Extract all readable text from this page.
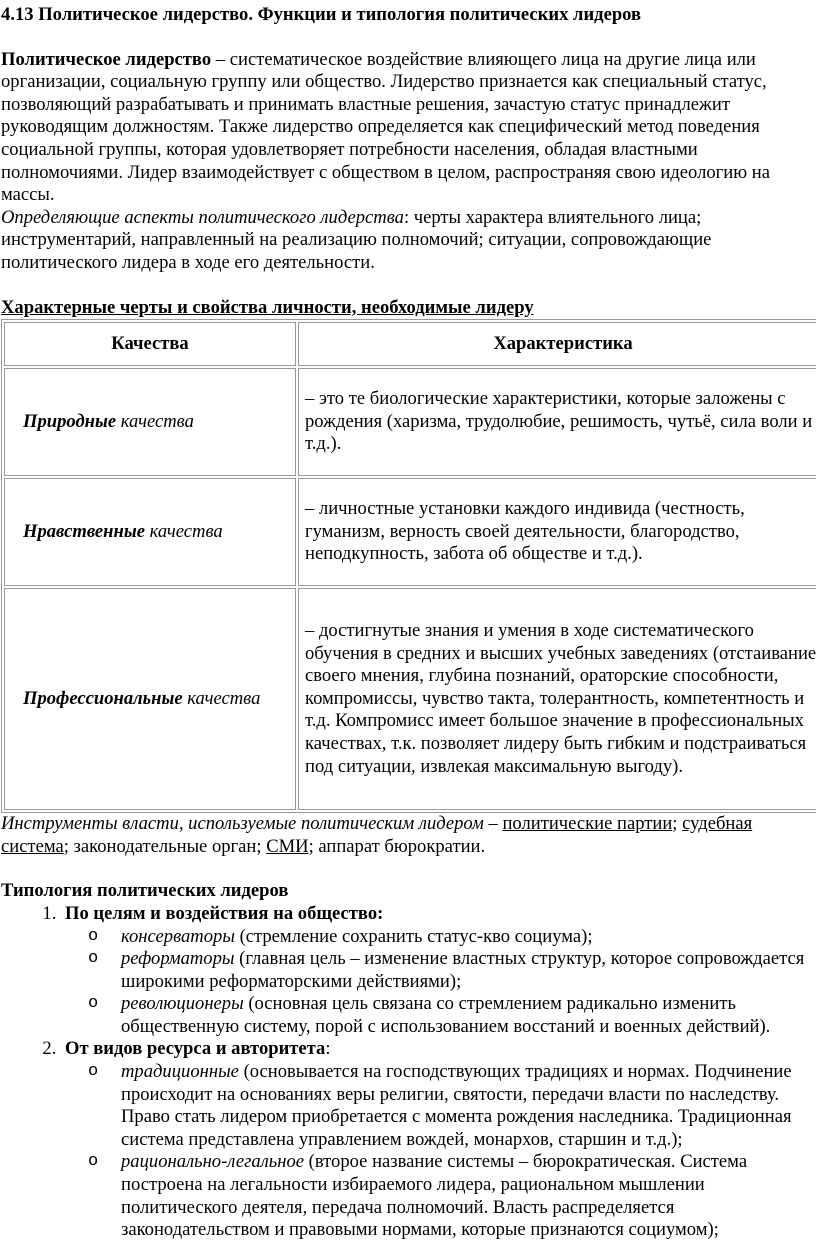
4.13 Политическое лидерство. Функции и типология политических лидеров

Политическое лидерство – систематическое воздействие влияющего лица на другие лица или организации, социальную группу или общество. Лидерство признается как специальный статус, позволяющий разрабатывать и принимать властные решения, зачастую статус принадлежит руководящим должностям. Также лидерство определяется как специфический метод поведения социальной группы, которая удовлетворяет потребности населения, обладая властными полномочиями. Лидер взаимодействует с обществом в целом, распространяя свою идеологию на массы.

Определяющие аспекты политического лидерства: черты характера влиятельного лица; инструментарий, направленный на реализацию полномочий; ситуации, сопровождающие политического лидера в ходе его деятельности.

Характерные черты и свойства личности, необходимые лидеру

Качества	Характеристика
Природные качества	– это те биологические характеристики, которые заложены с рождения (харизма, трудолюбие, решимость, чутьё, сила воли и т.д.).
Нравственные качества	– личностные установки каждого индивида (честность, гуманизм, верность своей деятельности, благородство, неподкупность, забота об обществе и т.д.).
Профессиональные качества	– достигнутые знания и умения в ходе систематического обучения в средних и высших учебных заведениях (отстаивание своего мнения, глубина познаний, ораторские способности, компромиссы, чувство такта, толерантность, компетентность и т.д. Компромисс имеет большое значение в профессиональных качествах, т.к. позволяет лидеру быть гибким и подстраиваться под ситуации, извлекая максимальную выгоду).

Инструменты власти, используемые политическим лидером – политические партии; судебная система; законодательные орган; СМИ; аппарат бюрократии.

Типология политических лидеров

1. По целям и воздействия на общество:
o консерваторы (стремление сохранить статус-кво социума);
o реформаторы (главная цель – изменение властных структур, которое сопровождается широкими реформаторскими действиями);
o революционеры (основная цель связана со стремлением радикально изменить общественную систему, порой с использованием восстаний и военных действий).
2. От видов ресурса и авторитета:
o традиционные (основывается на господствующих традициях и нормах. Подчинение происходит на основаниях веры религии, святости, передачи власти по наследству. Право стать лидером приобретается с момента рождения наследника. Традиционная система представлена управлением вождей, монархов, старшин и т.д.);
o рационально-легальное (второе название системы – бюрократическая. Система построена на легальности избираемого лидера, рациональном мышлении политического деятеля, передача полномочий. Власть распределяется законодательством и правовыми нормами, которые признаются социумом);
